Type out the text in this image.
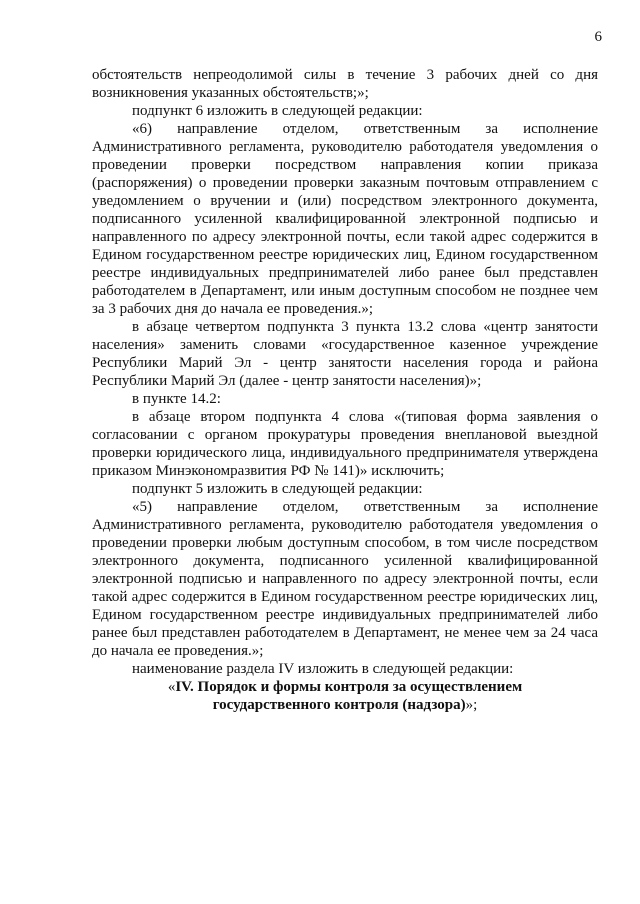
6

обстоятельств непреодолимой силы в течение 3 рабочих дней со дня возникновения указанных обстоятельств;»;

подпункт 6 изложить в следующей редакции:

«6) направление отделом, ответственным за исполнение Административного регламента, руководителю работодателя уведомления о проведении проверки посредством направления копии приказа (распоряжения) о проведении проверки заказным почтовым отправлением с уведомлением о вручении и (или) посредством электронного документа, подписанного усиленной квалифицированной электронной подписью и направленного по адресу электронной почты, если такой адрес содержится в Едином государственном реестре юридических лиц, Едином государственном реестре индивидуальных предпринимателей либо ранее был представлен работодателем в Департамент, или иным доступным способом не позднее чем за 3 рабочих дня до начала ее проведения.»;

в абзаце четвертом подпункта 3 пункта 13.2 слова «центр занятости населения» заменить словами «государственное казенное учреждение Республики Марий Эл - центр занятости населения города и района Республики Марий Эл (далее - центр занятости населения)»;

в пункте 14.2:

в абзаце втором подпункта 4 слова «(типовая форма заявления о согласовании с органом прокуратуры проведения внеплановой выездной проверки юридического лица, индивидуального предпринимателя утверждена приказом Минэкономразвития РФ № 141)» исключить;

подпункт 5 изложить в следующей редакции:

«5) направление отделом, ответственным за исполнение Административного регламента, руководителю работодателя уведомления о проведении проверки любым доступным способом, в том числе посредством электронного документа, подписанного усиленной квалифицированной электронной подписью и направленного по адресу электронной почты, если такой адрес содержится в Едином государственном реестре юридических лиц, Едином государственном реестре индивидуальных предпринимателей либо ранее был представлен работодателем в Департамент, не менее чем за 24 часа до начала ее проведения.»;

наименование раздела IV изложить в следующей редакции:

«IV. Порядок и формы контроля за осуществлением государственного контроля (надзора)»;
